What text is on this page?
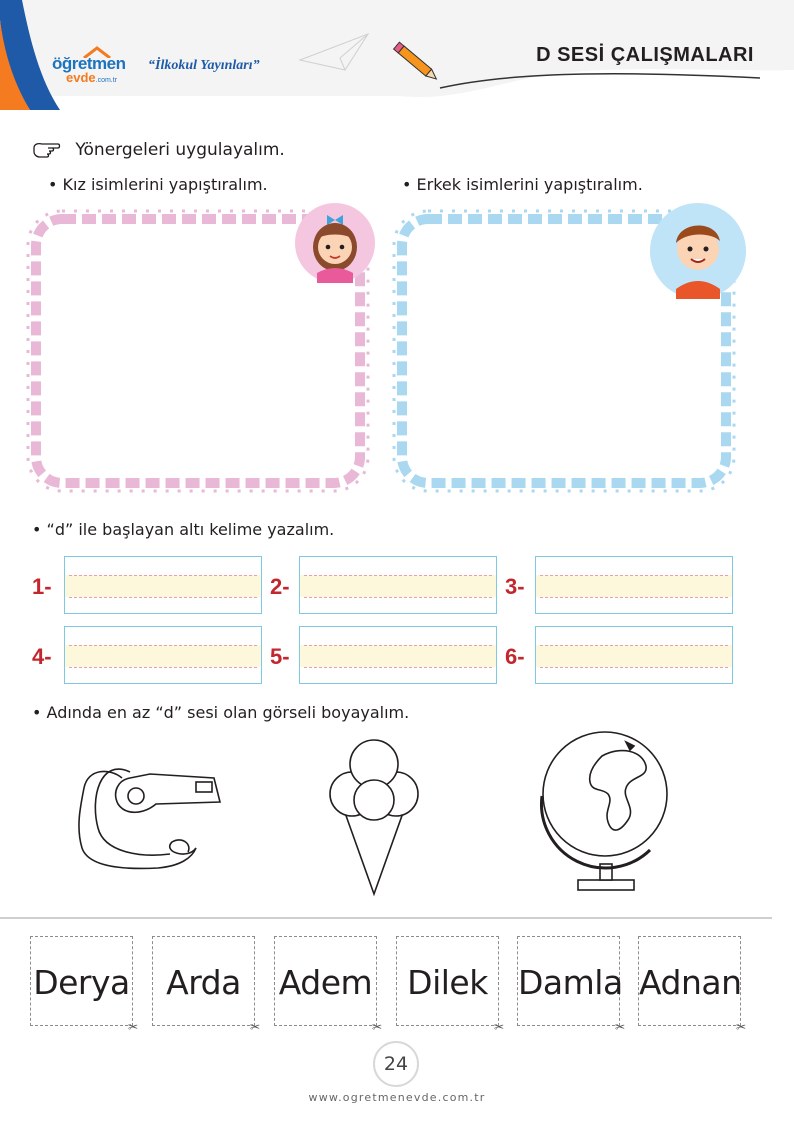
öğretmen
evde.com.tr
“İlkokul Yayınları”	D SESİ ÇALIŞMALARI
Yönergeleri uygulayalım.
• Kız isimlerini yapıştıralım.	• Erkek isimlerini yapıştıralım.
• “d” ile başlayan altı kelime yazalım.
1-	2-	3-
4-	5-	6-
• Adında en az “d” sesi olan görseli boyayalım.
Derya
✂
Arda
✂
Adem
✂
Dilek
✂
Damla
✂
Adnan
✂
24
www.ogretmenevde.com.tr
